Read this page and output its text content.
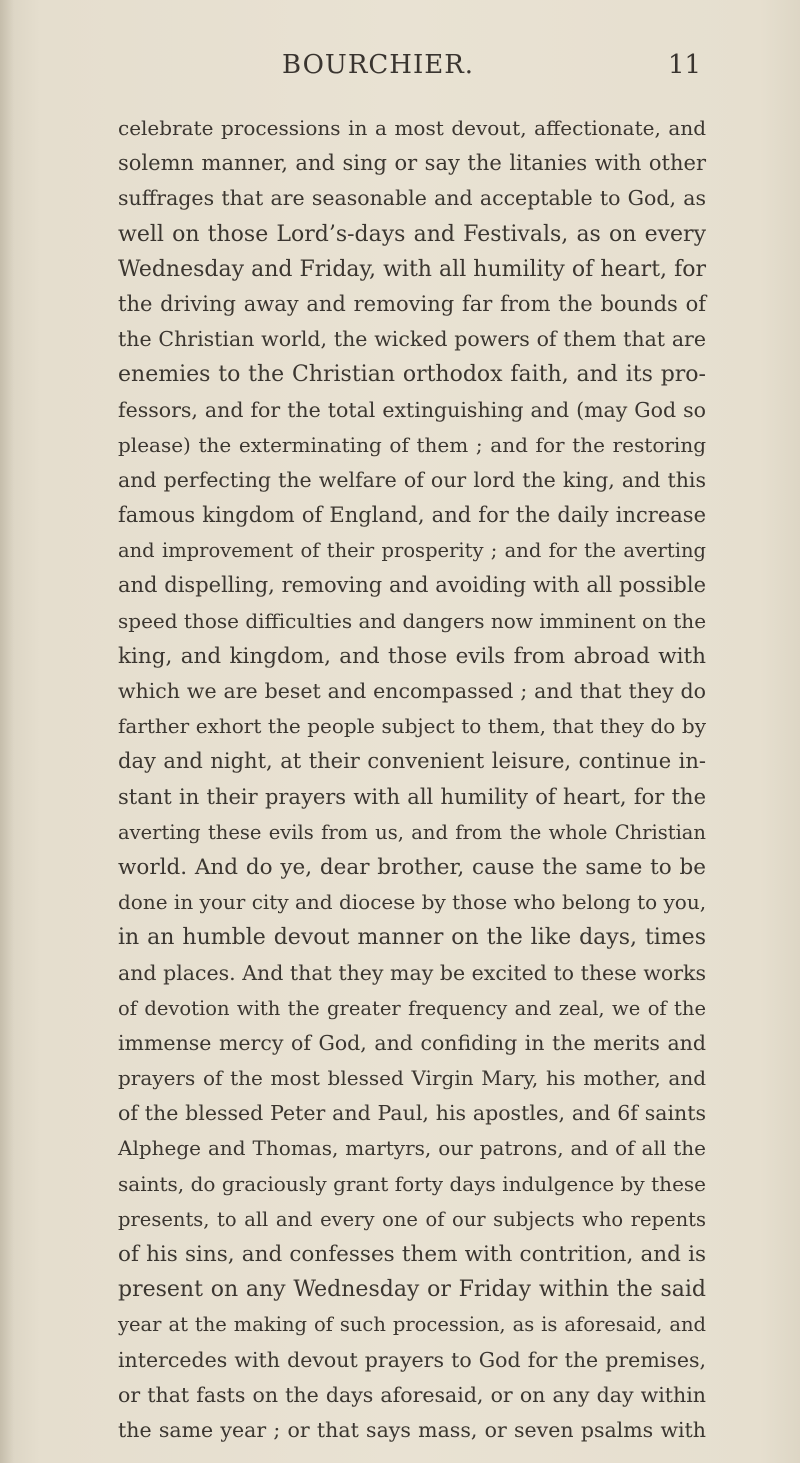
BOURCHIER.	11
celebrate processions in a most devout, affectionate, and
solemn manner, and sing or say the litanies with other
suffrages that are seasonable and acceptable to God, as
well on those Lord’s-days and Festivals, as on every
Wednesday and Friday, with all humility of heart, for
the driving away and removing far from the bounds of
the Christian world, the wicked powers of them that are
enemies to the Christian orthodox faith, and its pro-
fessors, and for the total extinguishing and (may God so
please) the exterminating of them ; and for the restoring
and perfecting the welfare of our lord the king, and this
famous kingdom of England, and for the daily increase
and improvement of their prosperity ; and for the averting
and dispelling, removing and avoiding with all possible
speed those difficulties and dangers now imminent on the
king, and kingdom, and those evils from abroad with
which we are beset and encompassed ; and that they do
farther exhort the people subject to them, that they do by
day and night, at their convenient leisure, continue in-
stant in their prayers with all humility of heart, for the
averting these evils from us, and from the whole Christian
world. And do ye, dear brother, cause the same to be
done in your city and diocese by those who belong to you,
in an humble devout manner on the like days, times
and places. And that they may be excited to these works
of devotion with the greater frequency and zeal, we of the
immense mercy of God, and confiding in the merits and
prayers of the most blessed Virgin Mary, his mother, and
of the blessed Peter and Paul, his apostles, and 6f saints
Alphege and Thomas, martyrs, our patrons, and of all the
saints, do graciously grant forty days indulgence by these
presents, to all and every one of our subjects who repents
of his sins, and confesses them with contrition, and is
present on any Wednesday or Friday within the said
year at the making of such procession, as is aforesaid, and
intercedes with devout prayers to God for the premises,
or that fasts on the days aforesaid, or on any day within
the same year ; or that says mass, or seven psalms with
